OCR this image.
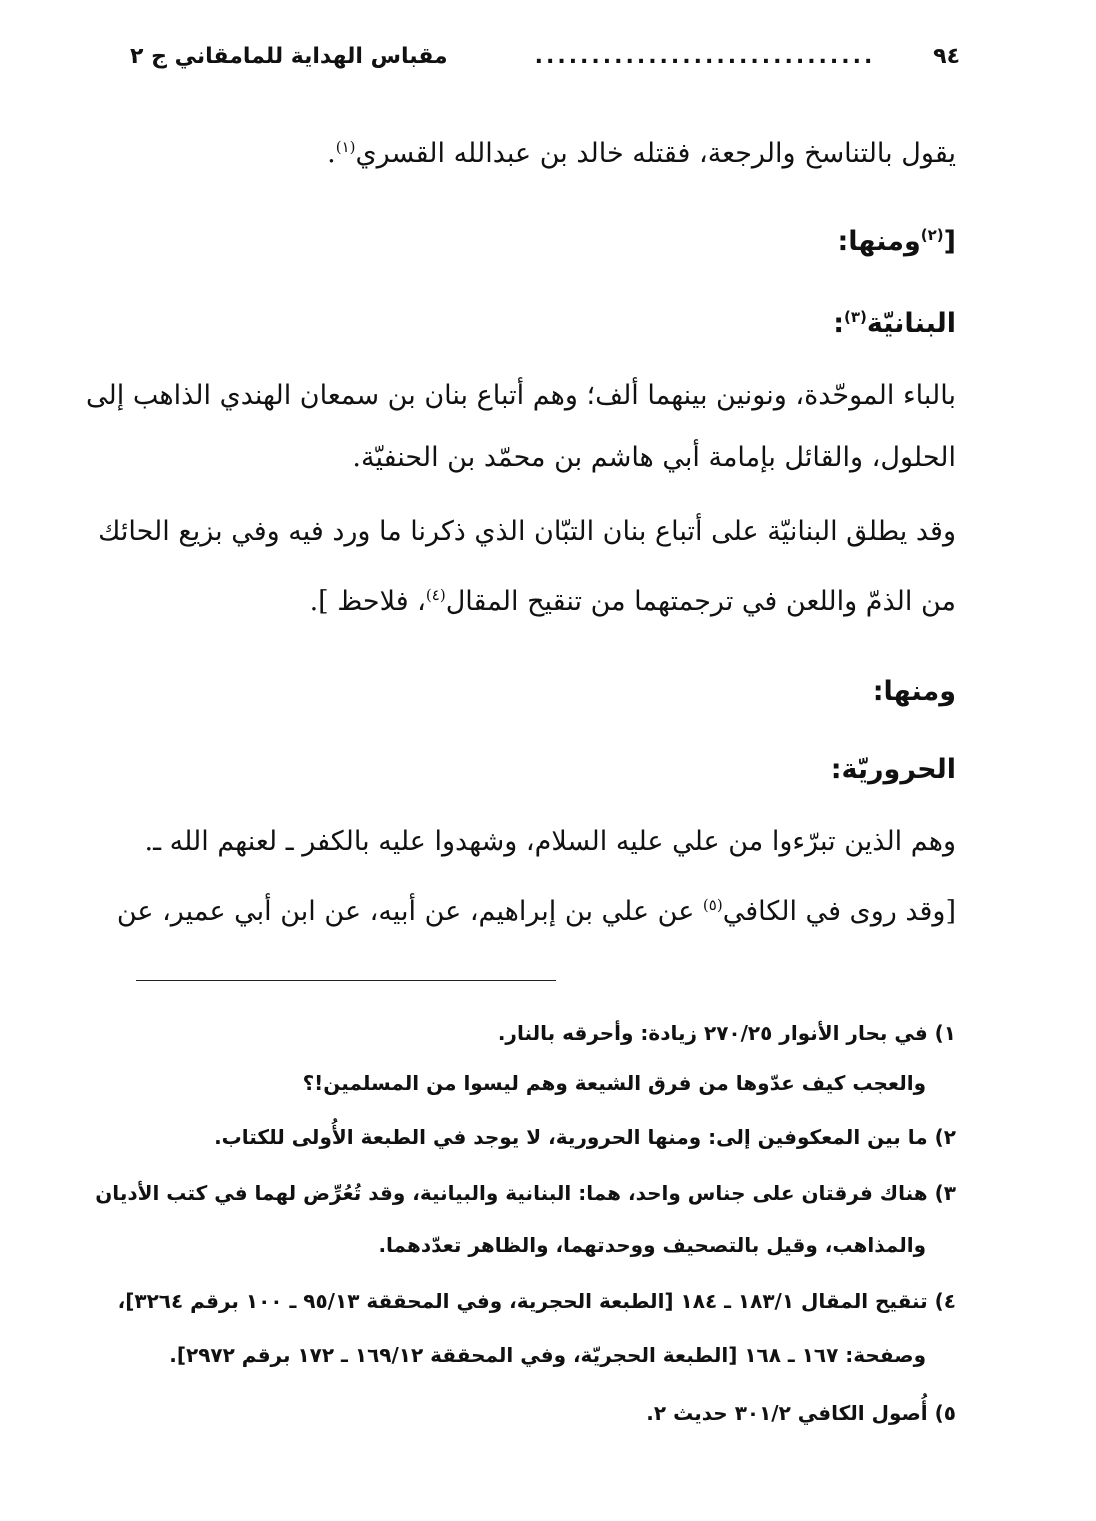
٩٤
..............................
مقباس الهداية للمامقاني ج ٢
يقول بالتناسخ والرجعة، فقتله خالد بن عبدالله القسري$^{(١)}$.
[$^{(٢)}$ومنها:
البنانيّة$^{(٣)}$:
بالباء الموحّدة، ونونين بينهما ألف؛ وهم أتباع بنان بن سمعان الهندي الذاهب إلى
الحلول، والقائل بإمامة أبي هاشم بن محمّد بن الحنفيّة.
وقد يطلق البنانيّة على أتباع بنان التبّان الذي ذكرنا ما ورد فيه وفي بزيع الحائك
من الذمّ واللعن في ترجمتهما من تنقيح المقال$^{(٤)}$، فلاحظ ].
ومنها:
الحروريّة:
وهم الذين تبرّءوا من علي عليه السلام، وشهدوا عليه بالكفر ـ لعنهم الله ـ.
[وقد روى في الكافي$^{(٥)}$ عن علي بن إبراهيم، عن أبيه، عن ابن أبي عمير، عن
١) في بحار الأنوار ٢٧٠/٢٥ زيادة: وأحرقه بالنار.
والعجب كيف عدّوها من فرق الشيعة وهم ليسوا من المسلمين!؟
٢) ما بين المعكوفين إلى: ومنها الحرورية، لا يوجد في الطبعة الأُولى للكتاب.
٣) هناك فرقتان على جناس واحد، هما: البنانية والبيانية، وقد تُعُرِّض لهما في كتب الأديان
والمذاهب، وقيل بالتصحيف ووحدتهما، والظاهر تعدّدهما.
٤) تنقيح المقال ١٨٣/١ ـ ١٨٤ [الطبعة الحجرية، وفي المحققة ٩٥/١٣ ـ ١٠٠ برقم ٣٢٦٤]،
وصفحة: ١٦٧ ـ ١٦٨ [الطبعة الحجريّة، وفي المحققة ١٦٩/١٢ ـ ١٧٢ برقم ٢٩٧٢].
٥) أُصول الكافي ٣٠١/٢ حديث ٢.
